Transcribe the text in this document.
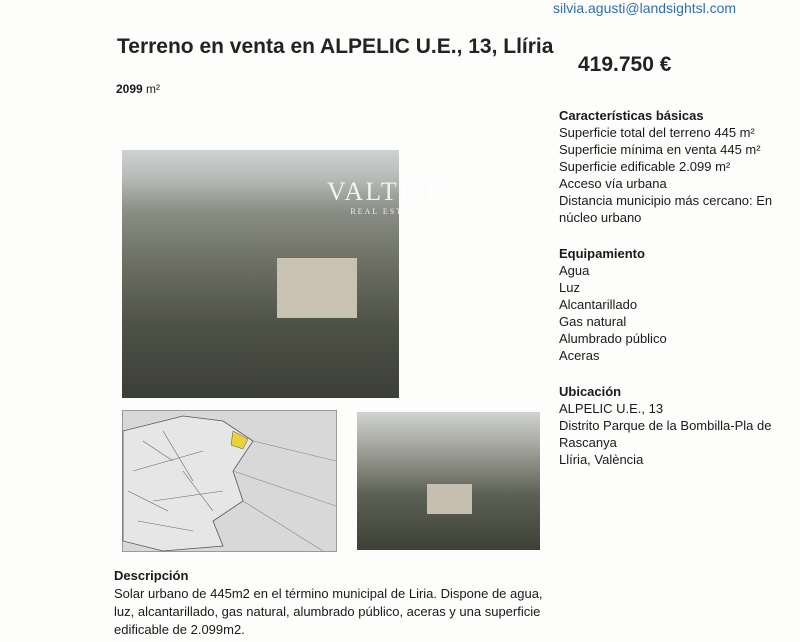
silvia.agusti@landsightsl.com
Terreno en venta en ALPELIC U.E., 13, Llíria
419.750 €
2099 m²
VALTIER
REAL ESTATE
Características básicas
Superficie total del terreno 445 m²
Superficie mínima en venta 445 m²
Superficie edificable 2.099 m²
Acceso vía urbana
Distancia municipio más cercano: En núcleo urbano
Equipamiento
Agua
Luz
Alcantarillado
Gas natural
Alumbrado público
Aceras
Ubicación
ALPELIC U.E., 13
Distrito Parque de la Bombilla-Pla de Rascanya
Llíria, València
Descripción
Solar urbano de 445m2 en el término municipal de Liria. Dispone de agua, luz, alcantarillado, gas natural, alumbrado público, aceras y una superficie edificable de 2.099m2.
